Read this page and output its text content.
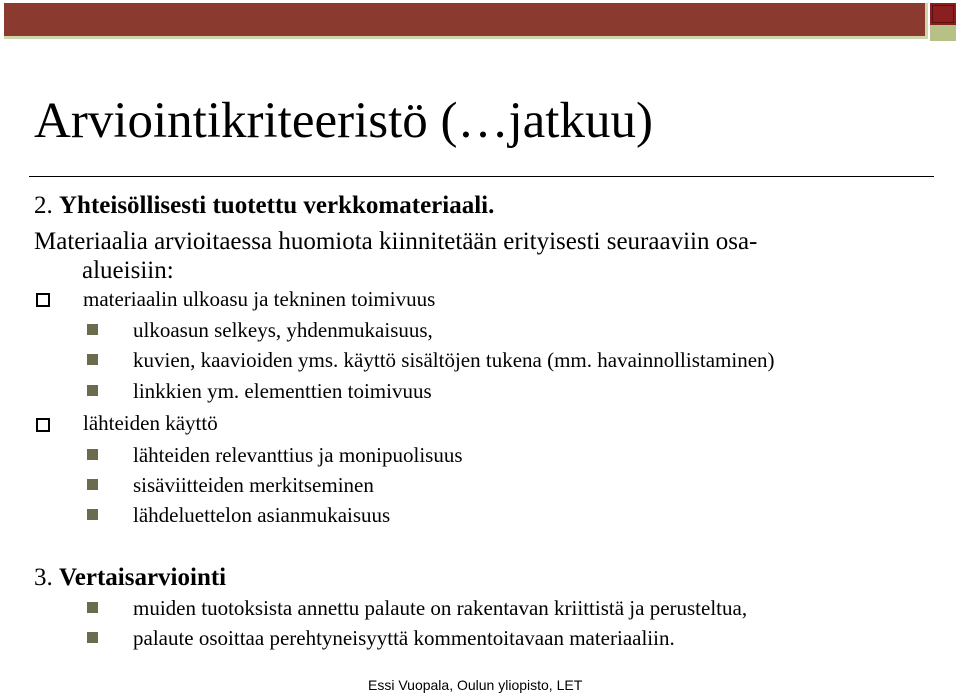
Arviointikriteeristö (…jatkuu)
2. Yhteisöllisesti tuotettu verkkomateriaali.
Materiaalia arvioitaessa huomiota kiinnitetään erityisesti seuraaviin osa-
alueisiin:
materiaalin ulkoasu ja tekninen toimivuus
ulkoasun selkeys, yhdenmukaisuus,
kuvien, kaavioiden yms. käyttö sisältöjen tukena (mm. havainnollistaminen)
linkkien ym. elementtien toimivuus
lähteiden käyttö
lähteiden relevanttius ja monipuolisuus
sisäviitteiden merkitseminen
lähdeluettelon asianmukaisuus
3. Vertaisarviointi
muiden tuotoksista annettu palaute on rakentavan kriittistä ja perusteltua,
palaute osoittaa perehtyneisyyttä kommentoitavaan materiaaliin.
Essi Vuopala, Oulun yliopisto, LET
